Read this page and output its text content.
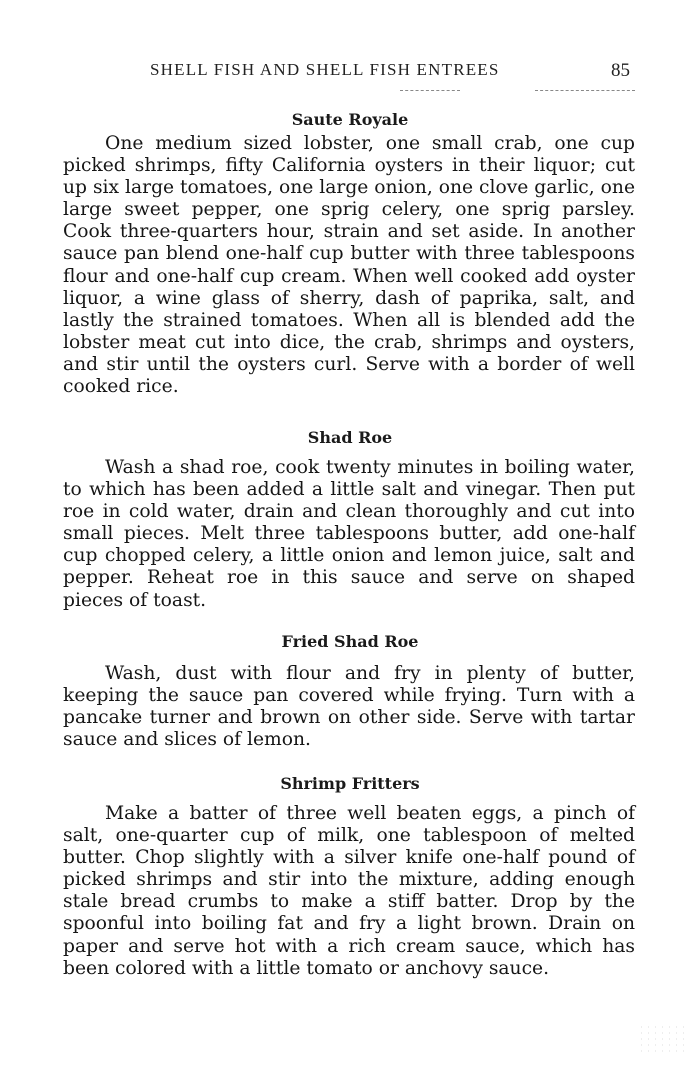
SHELL FISH AND SHELL FISH ENTREES	85
Saute Royale

One medium sized lobster, one small crab, one cup picked shrimps, fifty California oysters in their liquor; cut up six large tomatoes, one large onion, one clove garlic, one large sweet pepper, one sprig celery, one sprig parsley. Cook three-quarters hour, strain and set aside. In another sauce pan blend one-half cup butter with three tablespoons flour and one-half cup cream. When well cooked add oyster liquor, a wine glass of sherry, dash of paprika, salt, and lastly the strained tomatoes. When all is blended add the lobster meat cut into dice, the crab, shrimps and oysters, and stir until the oysters curl. Serve with a border of well cooked rice.

Shad Roe

Wash a shad roe, cook twenty minutes in boiling water, to which has been added a little salt and vinegar. Then put roe in cold water, drain and clean thoroughly and cut into small pieces. Melt three tablespoons butter, add one-half cup chopped celery, a little onion and lemon juice, salt and pepper. Reheat roe in this sauce and serve on shaped pieces of toast.

Fried Shad Roe

Wash, dust with flour and fry in plenty of butter, keeping the sauce pan covered while frying. Turn with a pancake turner and brown on other side. Serve with tartar sauce and slices of lemon.

Shrimp Fritters

Make a batter of three well beaten eggs, a pinch of salt, one-quarter cup of milk, one tablespoon of melted butter. Chop slightly with a silver knife one-half pound of picked shrimps and stir into the mixture, adding enough stale bread crumbs to make a stiff batter. Drop by the spoonful into boiling fat and fry a light brown. Drain on paper and serve hot with a rich cream sauce, which has been colored with a little tomato or anchovy sauce.
